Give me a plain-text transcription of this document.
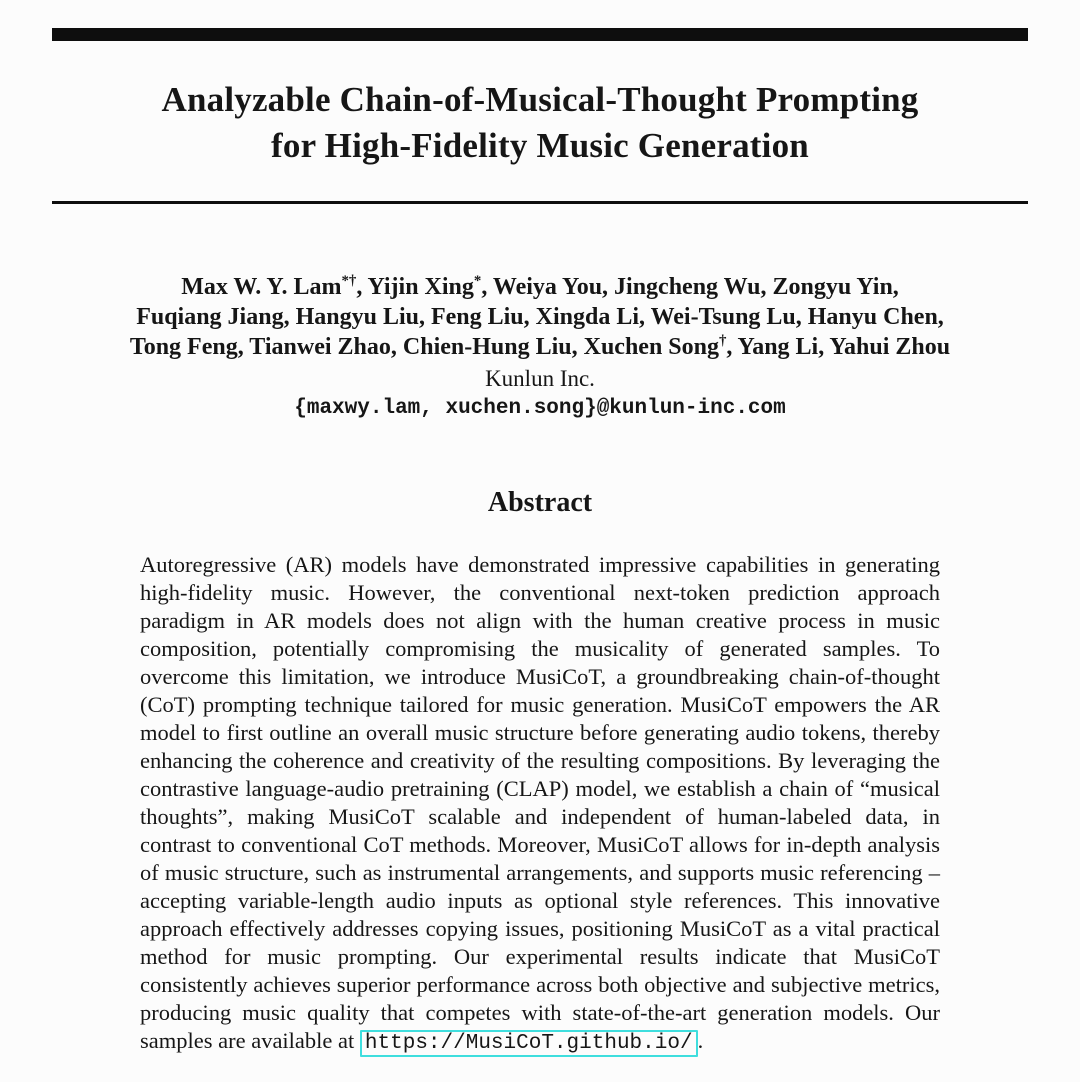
Analyzable Chain-of-Musical-Thought Prompting
for High-Fidelity Music Generation
Max W. Y. Lam*†, Yijin Xing*, Weiya You, Jingcheng Wu, Zongyu Yin,
Fuqiang Jiang, Hangyu Liu, Feng Liu, Xingda Li, Wei-Tsung Lu, Hanyu Chen,
Tong Feng, Tianwei Zhao, Chien-Hung Liu, Xuchen Song†, Yang Li, Yahui Zhou
Kunlun Inc.
{maxwy.lam, xuchen.song}@kunlun-inc.com
Abstract

Autoregressive (AR) models have demonstrated impressive capabilities in generating high-fidelity music. However, the conventional next-token prediction approach paradigm in AR models does not align with the human creative process in music composition, potentially compromising the musicality of generated samples. To overcome this limitation, we introduce MusiCoT, a groundbreaking chain-of-thought (CoT) prompting technique tailored for music generation. MusiCoT empowers the AR model to first outline an overall music structure before generating audio tokens, thereby enhancing the coherence and creativity of the resulting compositions. By leveraging the contrastive language-audio pretraining (CLAP) model, we establish a chain of “musical thoughts”, making MusiCoT scalable and independent of human-labeled data, in contrast to conventional CoT methods. Moreover, MusiCoT allows for in-depth analysis of music structure, such as instrumental arrangements, and supports music referencing – accepting variable-length audio inputs as optional style references. This innovative approach effectively addresses copying issues, positioning MusiCoT as a vital practical method for music prompting. Our experimental results indicate that MusiCoT consistently achieves superior performance across both objective and subjective metrics, producing music quality that competes with state-of-the-art generation models. Our samples are available at https://MusiCoT.github.io/ .
